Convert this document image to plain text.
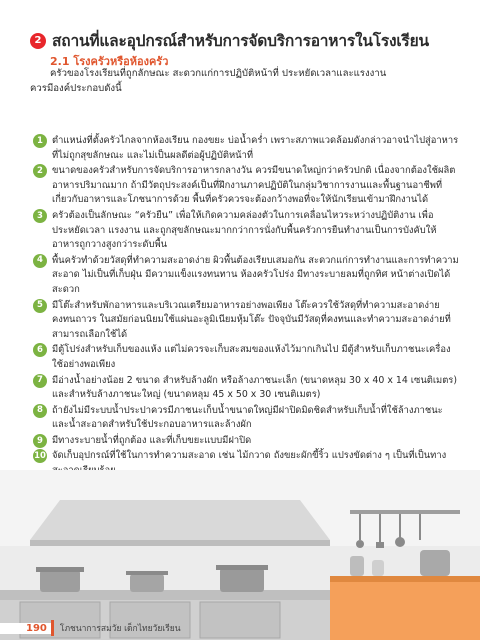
2 สถานที่และอุปกรณ์สำหรับการจัดบริการอาหารในโรงเรียน
2.1 โรงครัวหรือห้องครัว
ครัวของโรงเรียนที่ถูกลักษณะ สะดวกแก่การปฏิบัติหน้าที่ ประหยัดเวลาและแรงงาน
ควรมีองค์ประกอบดังนี้
1 ตำแหน่งที่ตั้งครัวไกลจากห้องเรียน กองขยะ บ่อน้ำคร่ำ เพราะสภาพแวดล้อมดังกล่าวอาจนำไปสู่อาหารที่ไม่ถูกสุขลักษณะ และไม่เป็นผลดีต่อผู้ปฏิบัติหน้าที่
2 ขนาดของครัวสำหรับการจัดบริการอาหารกลางวัน ควรมีขนาดใหญ่กว่าครัวปกติ เนื่องจากต้องใช้ผลิตอาหารปริมาณมาก ถ้ามีวัตถุประสงค์เป็นที่ฝึกงานภาคปฏิบัติในกลุ่มวิชาการงานและพื้นฐานอาชีพที่เกี่ยวกับอาหารและโภชนาการด้วย พื้นที่ครัวควรจะต้องกว้างพอที่จะให้นักเรียนเข้ามาฝึกงานได้
3 ครัวต้องเป็นลักษณะ “ครัวยืน” เพื่อให้เกิดความคล่องตัวในการเคลื่อนไหวระหว่างปฏิบัติงาน เพื่อประหยัดเวลา แรงงาน และถูกสุขลักษณะมากกว่าการนั่งกับพื้นครัวการยืนทำงานเป็นการบังคับให้อาหารถูกวางสูงกว่าระดับพื้น
4 พื้นครัวทำด้วยวัสดุที่ทำความสะอาดง่าย ผิวพื้นต้องเรียบเสมอกัน สะดวกแก่การทำงานและการทำความสะอาด ไม่เป็นที่เก็บฝุ่น มีความแข็งแรงทนทาน ห้องครัวโปร่ง มีทางระบายลมที่ถูกทิศ หน้าต่างเปิดได้สะดวก
5 มีโต๊ะสำหรับพักอาหารและบริเวณเตรียมอาหารอย่างพอเพียง โต๊ะควรใช้วัสดุที่ทำความสะอาดง่าย คงทนถาวร ในสมัยก่อนนิยมใช้แผ่นอะลูมิเนียมหุ้มโต๊ะ ปัจจุบันมีวัสดุที่คงทนและทำความสะอาดง่ายที่สามารถเลือกใช้ได้
6 มีตู้โปร่งสำหรับเก็บของแห้ง แต่ไม่ควรจะเก็บสะสมของแห้งไว้มากเกินไป มีตู้สำหรับเก็บภาชนะเครื่องใช้อย่างพอเพียง
7 มีอ่างน้ำอย่างน้อย 2 ขนาด สำหรับล้างผัก หรือล้างภาชนะเล็ก (ขนาดหลุม 30 x 40 x 14 เซนติเมตร) และสำหรับล้างภาชนะใหญ่ (ขนาดหลุม 45 x 50 x 30 เซนติเมตร)
8 ถ้ายังไม่มีระบบน้ำประปาควรมีภาชนะเก็บน้ำขนาดใหญ่มีฝาปิดมิดชิดสำหรับเก็บน้ำที่ใช้ล้างภาชนะ และน้ำสะอาดสำหรับใช้ประกอบอาหารและล้างผัก
9 มีทางระบายน้ำที่ถูกต้อง และที่เก็บขยะแบบมีฝาปิด
10 จัดเก็บอุปกรณ์ที่ใช้ในการทำความสะอาด เช่น ไม้กวาด ถังขยะผักขี้ริ้ว แปรงขัดต่าง ๆ เป็นที่เป็นทาง
190	โภชนาการสมวัย เด็กไทยวัยเรียน
